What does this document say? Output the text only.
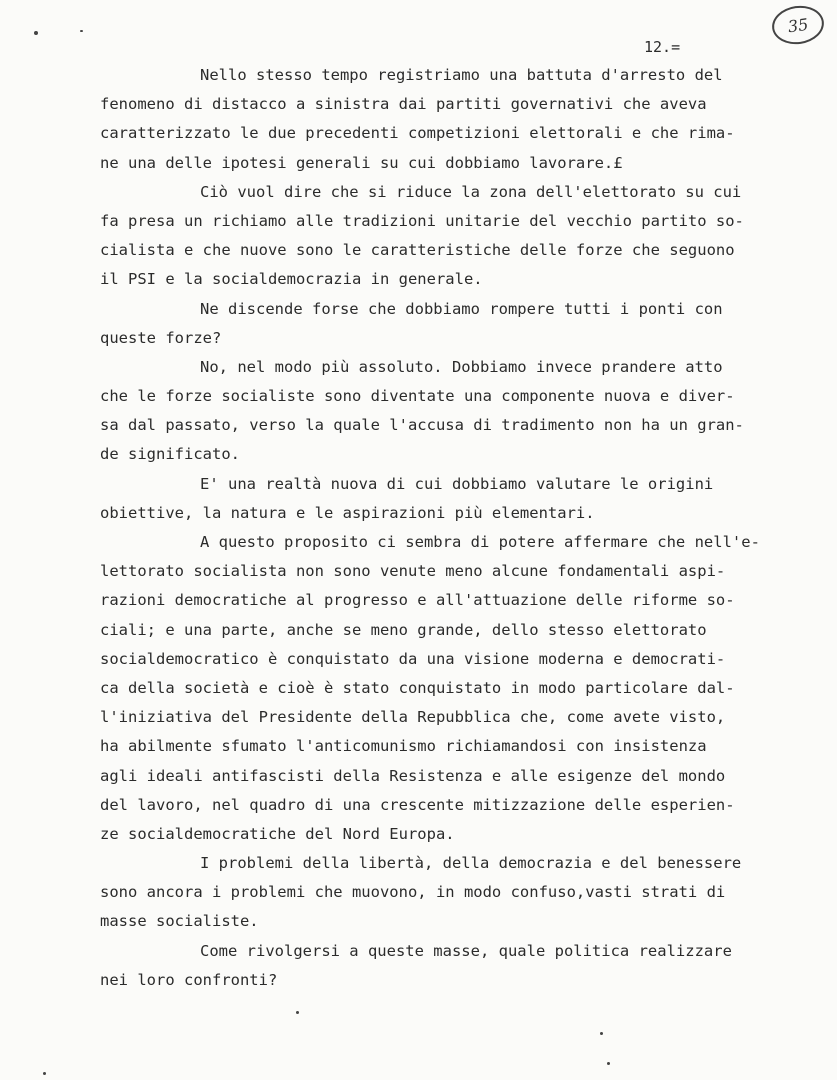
35
12.=
Nello stesso tempo registriamo una battuta d'arresto del
fenomeno di distacco a sinistra dai partiti governativi che aveva
caratterizzato le due precedenti competizioni elettorali e che rima-
ne una delle ipotesi generali su cui dobbiamo lavorare.£
Ciò vuol dire che si riduce la zona dell'elettorato su cui
fa presa un richiamo alle tradizioni unitarie del vecchio partito so-
cialista e che nuove sono le caratteristiche delle forze che seguono
il PSI e la socialdemocrazia in generale.
Ne discende forse che dobbiamo rompere tutti i ponti con
queste forze?
No, nel modo più assoluto. Dobbiamo invece prandere atto
che le forze socialiste sono diventate una componente nuova e diver-
sa dal passato, verso la quale l'accusa di tradimento non ha un gran-
de significato.
E' una realtà nuova di cui dobbiamo valutare le origini
obiettive, la natura e le aspirazioni più elementari.
A questo proposito ci sembra di potere affermare che nell'e-
lettorato socialista non sono venute meno alcune fondamentali aspi-
razioni democratiche al progresso e all'attuazione delle riforme so-
ciali; e una parte, anche se meno grande, dello stesso elettorato
socialdemocratico è conquistato da una visione moderna e democrati-
ca della società e cioè è stato conquistato in modo particolare dal-
l'iniziativa del Presidente della Repubblica che, come avete visto,
ha abilmente sfumato l'anticomunismo richiamandosi con insistenza
agli ideali antifascisti della Resistenza e alle esigenze del mondo
del lavoro, nel quadro di una crescente mitizzazione delle esperien-
ze socialdemocratiche del Nord Europa.
I problemi della libertà, della democrazia e del benessere
sono ancora i problemi che muovono, in modo confuso,vasti strati di
masse socialiste.
Come rivolgersi a queste masse, quale politica realizzare
nei loro confronti?
